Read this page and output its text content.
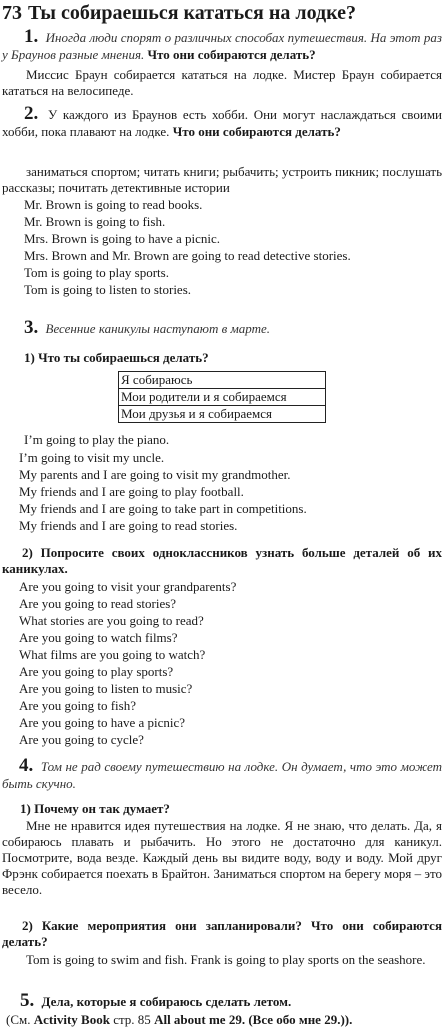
73 Ты собираешься кататься на лодке?
1. Иногда люди спорят о различных способах путешествия. На этот раз у Браунов разные мнения. Что они собираются делать?
Миссис Браун собирается кататься на лодке. Мистер Браун собирается кататься на велосипеде.
2. У каждого из Браунов есть хобби. Они могут наслаждаться своими хобби, пока плавают на лодке. Что они собираются делать?
заниматься спортом; читать книги; рыбачить; устроить пикник; послушать рассказы; почитать детективные истории
Mr. Brown is going to read books.
Mr. Brown is going to fish.
Mrs. Brown is going to have a picnic.
Mrs. Brown and Mr. Brown are going to read detective stories.
Tom is going to play sports.
Tom is going to listen to stories.
3. Весенние каникулы наступают в марте.
1) Что ты собираешься делать?
Я собираюсь
Мои родители и я собираемся
Мои друзья и я собираемся
I’m going to play the piano.
I’m going to visit my uncle.
My parents and I are going to visit my grandmother.
My friends and I are going to play football.
My friends and I are going to take part in competitions.
My friends and I are going to read stories.
2) Попросите своих одноклассников узнать больше деталей об их каникулах.
Are you going to visit your grandparents?
Are you going to read stories?
What stories are you going to read?
Are you going to watch films?
What films are you going to watch?
Are you going to play sports?
Are you going to listen to music?
Are you going to fish?
Are you going to have a picnic?
Are you going to cycle?
4. Том не рад своему путешествию на лодке. Он думает, что это может быть скучно.
1) Почему он так думает?
Мне не нравится идея путешествия на лодке. Я не знаю, что делать. Да, я собираюсь плавать и рыбачить. Но этого не достаточно для каникул. Посмотрите, вода везде. Каждый день вы видите воду, воду и воду. Мой друг Фрэнк собирается поехать в Брайтон. Заниматься спортом на берегу моря – это весело.
2) Какие мероприятия они запланировали? Что они собираются делать?
Tom is going to swim and fish. Frank is going to play sports on the seashore.
5. Дела, которые я собираюсь сделать летом.
(См. Activity Book стр. 85 All about me 29. (Все обо мне 29.)).
